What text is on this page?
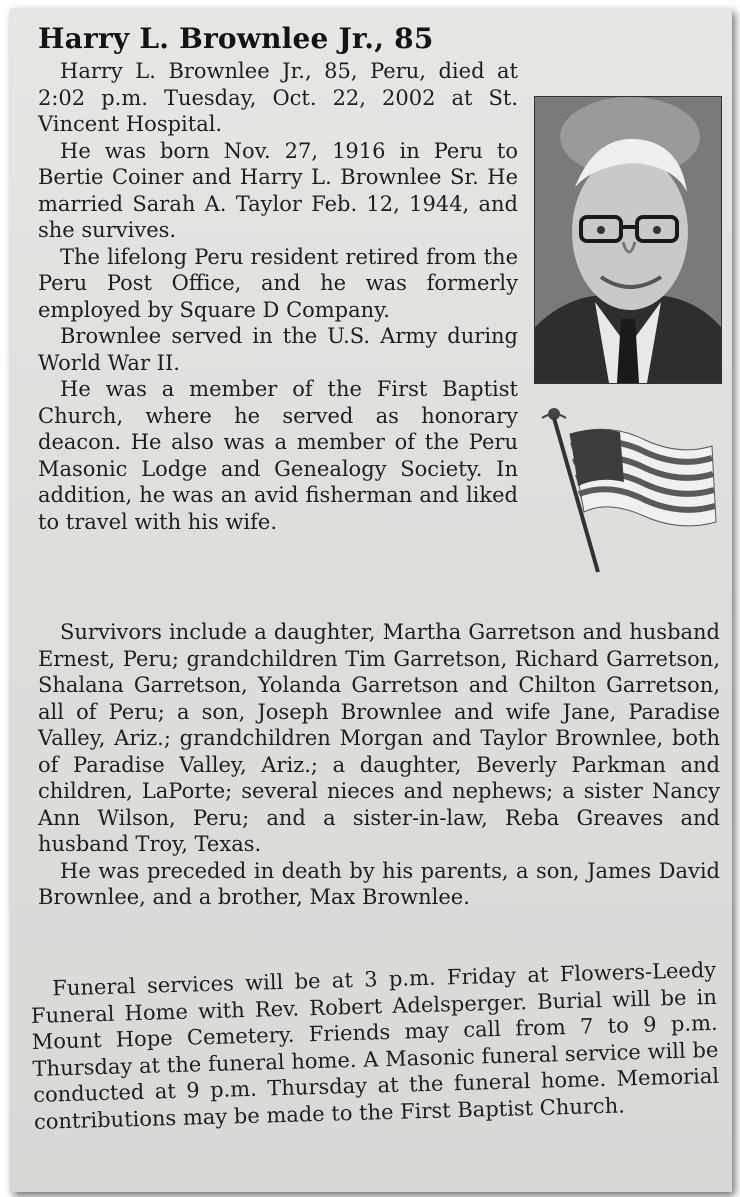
Harry L. Brownlee Jr., 85

Harry L. Brownlee Jr., 85, Peru, died at 2:02 p.m. Tuesday, Oct. 22, 2002 at St. Vincent Hospital.

He was born Nov. 27, 1916 in Peru to Bertie Coiner and Harry L. Brownlee Sr. He married Sarah A. Taylor Feb. 12, 1944, and she survives.

The lifelong Peru resident retired from the Peru Post Office, and he was formerly employed by Square D Company.

Brownlee served in the U.S. Army during World War II.

He was a member of the First Baptist Church, where he served as honorary deacon. He also was a member of the Peru Masonic Lodge and Genealogy Society. In addition, he was an avid fisherman and liked to travel with his wife.

Survivors include a daughter, Martha Garretson and husband Ernest, Peru; grandchildren Tim Garretson, Richard Garretson, Shalana Garretson, Yolanda Garretson and Chilton Garretson, all of Peru; a son, Joseph Brownlee and wife Jane, Paradise Valley, Ariz.; grandchildren Morgan and Taylor Brownlee, both of Paradise Valley, Ariz.; a daughter, Beverly Parkman and children, LaPorte; several nieces and nephews; a sister Nancy Ann Wilson, Peru; and a sister-in-law, Reba Greaves and husband Troy, Texas.

He was preceded in death by his parents, a son, James David Brownlee, and a brother, Max Brownlee.

Funeral services will be at 3 p.m. Friday at Flowers-Leedy Funeral Home with Rev. Robert Adelsperger. Burial will be in Mount Hope Cemetery. Friends may call from 7 to 9 p.m. Thursday at the funeral home. A Masonic funeral service will be conducted at 9 p.m. Thursday at the funeral home. Memorial contributions may be made to the First Baptist Church.
